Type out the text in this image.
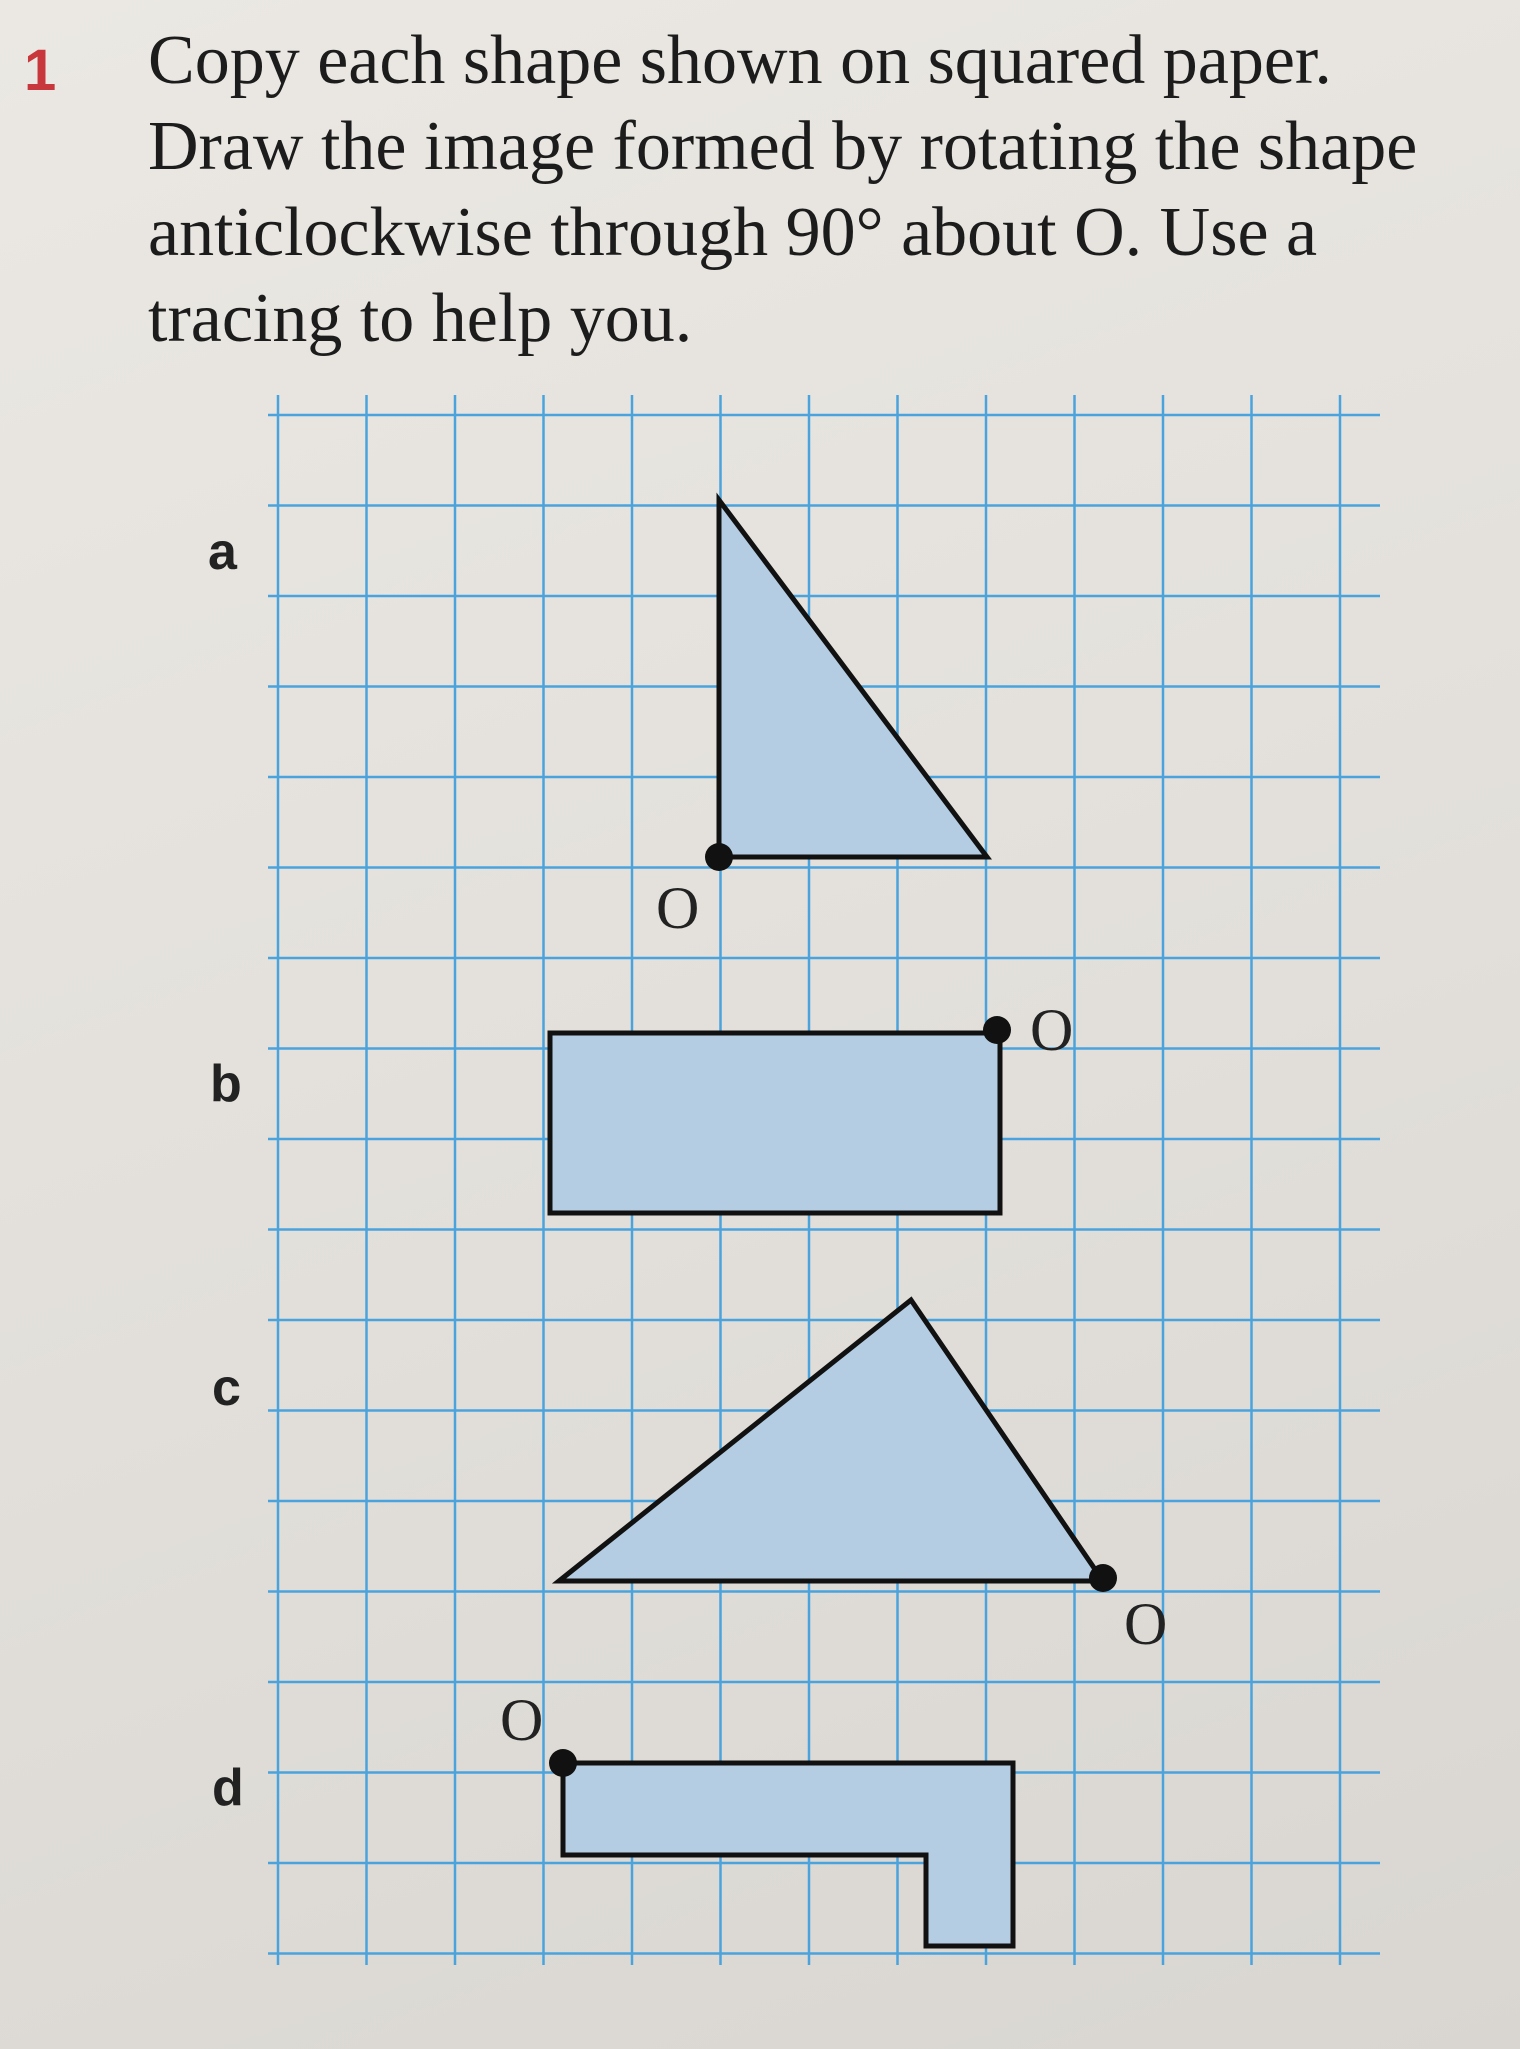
1 Copy each shape shown on squared paper.
Draw the image formed by rotating the shape
anticlockwise through 90° about O. Use a
tracing to help you.

a
b
c
d
O
O
O
O
